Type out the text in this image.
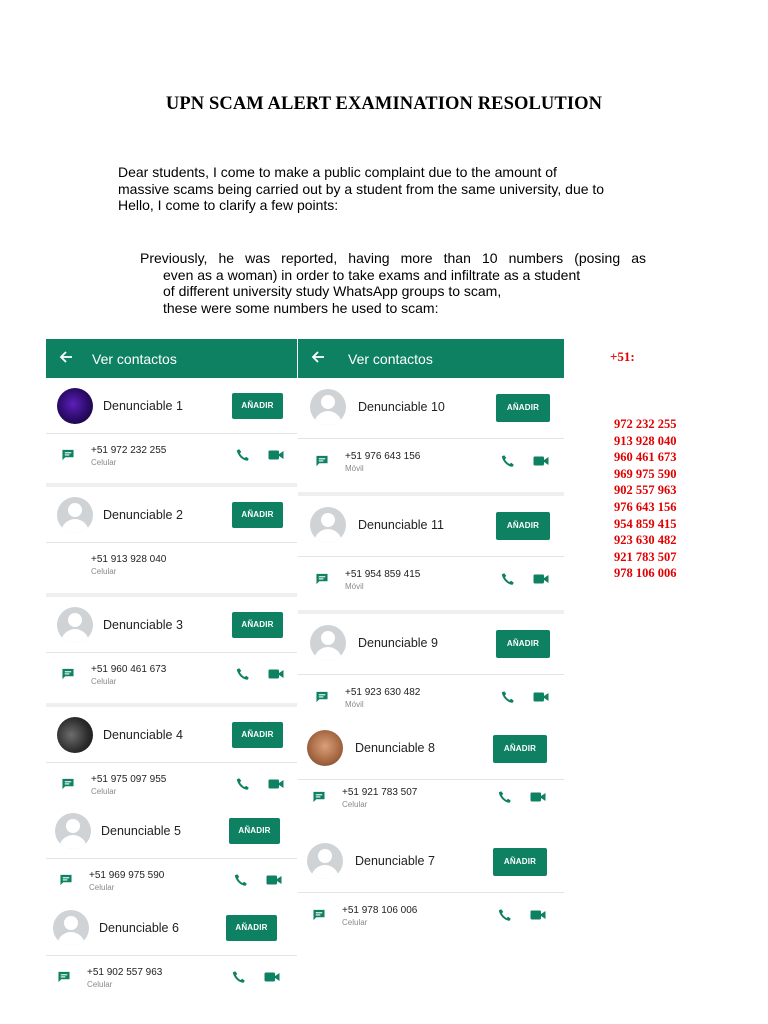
UPN SCAM ALERT EXAMINATION RESOLUTION
Dear students, I come to make a public complaint due to the amount of
massive scams being carried out by a student from the same university, due to
Hello, I come to clarify a few points:
Previously, he was reported, having more than 10 numbers (posing as
even as a woman) in order to take exams and infiltrate as a student
of different university study WhatsApp groups to scam,
these were some numbers he used to scam:
Ver contactos
Denunciable 1	AÑADIR
+51 972 232 255
Celular
Denunciable 2	AÑADIR
+51 913 928 040
Celular
Denunciable 3	AÑADIR
+51 960 461 673
Celular
Denunciable 4	AÑADIR
+51 975 097 955
Celular
Denunciable 5	AÑADIR
+51 969 975 590
Celular
Denunciable 6	AÑADIR
+51 902 557 963
Celular
Ver contactos
Denunciable 10	AÑADIR
+51 976 643 156
Móvil
Denunciable 11	AÑADIR
+51 954 859 415
Móvil
Denunciable 9	AÑADIR
+51 923 630 482
Móvil
Denunciable 8	AÑADIR
+51 921 783 507
Celular
Denunciable 7	AÑADIR
+51 978 106 006
Celular
+51:
972 232 255
913 928 040
960 461 673
969 975 590
902 557 963
976 643 156
954 859 415
923 630 482
921 783 507
978 106 006
